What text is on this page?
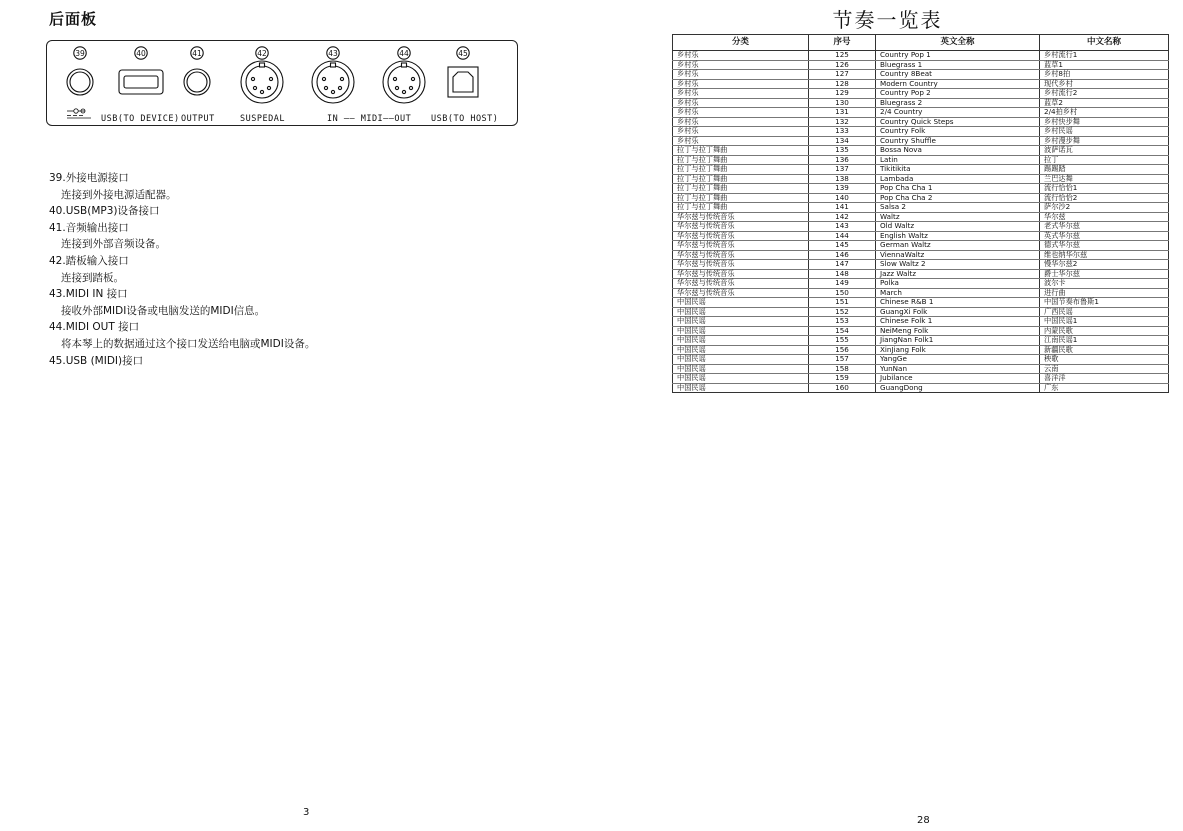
后面板
39	40	41	42	43	44	45
USB(TO DEVICE) OUTPUT	SUSPEDAL	IN —— MIDI——OUT USB(TO HOST)
39.外接电源接口
连接到外接电源适配器。
40.USB(MP3)设备接口
41.音频输出接口
连接到外部音频设备。
42.踏板输入接口
连接到踏板。
43.MIDI IN 接口
接收外部MIDI设备或电脑发送的MIDI信息。
44.MIDI OUT 接口
将本琴上的数据通过这个接口发送给电脑或MIDI设备。
45.USB (MIDI)接口
3
节奏一览表
分类	序号	英文全称	中文名称
乡村乐	125	Country Pop 1	乡村流行1
乡村乐	126	Bluegrass 1	蓝草1
乡村乐	127	Country 8Beat	乡村8拍
乡村乐	128	Modern Country	现代乡村
乡村乐	129	Country Pop 2	乡村流行2
乡村乐	130	Bluegrass 2	蓝草2
乡村乐	131	2/4 Country	2/4拍乡村
乡村乐	132	Country Quick Steps	乡村快步舞
乡村乐	133	Country Folk	乡村民谣
乡村乐	134	Country Shuffle	乡村漫步舞
拉丁与拉丁舞曲	135	Bossa Nova	波萨诺瓦
拉丁与拉丁舞曲	136	Latin	拉丁
拉丁与拉丁舞曲	137	Tikitikita	踢踢踏
拉丁与拉丁舞曲	138	Lambada	兰巴达舞
拉丁与拉丁舞曲	139	Pop Cha Cha 1	流行恰恰1
拉丁与拉丁舞曲	140	Pop Cha Cha 2	流行恰恰2
拉丁与拉丁舞曲	141	Salsa 2	萨尔沙2
华尔兹与传统音乐	142	Waltz	华尔兹
华尔兹与传统音乐	143	Old Waltz	老式华尔兹
华尔兹与传统音乐	144	English Waltz	英式华尔兹
华尔兹与传统音乐	145	German Waltz	德式华尔兹
华尔兹与传统音乐	146	ViennaWaltz	维也纳华尔兹
华尔兹与传统音乐	147	Slow Waltz 2	慢华尔兹2
华尔兹与传统音乐	148	Jazz Waltz	爵士华尔兹
华尔兹与传统音乐	149	Polka	波尔卡
华尔兹与传统音乐	150	March	进行曲
中国民谣	151	Chinese R&B 1	中国节奏布鲁斯1
中国民谣	152	GuangXi Folk	广西民谣
中国民谣	153	Chinese Folk 1	中国民谣1
中国民谣	154	NeiMeng Folk	内蒙民歌
中国民谣	155	JiangNan Folk1	江南民谣1
中国民谣	156	XinJiang Folk	新疆民歌
中国民谣	157	YangGe	秧歌
中国民谣	158	YunNan	云南
中国民谣	159	Jubilance	喜洋洋
中国民谣	160	GuangDong	广东
28
